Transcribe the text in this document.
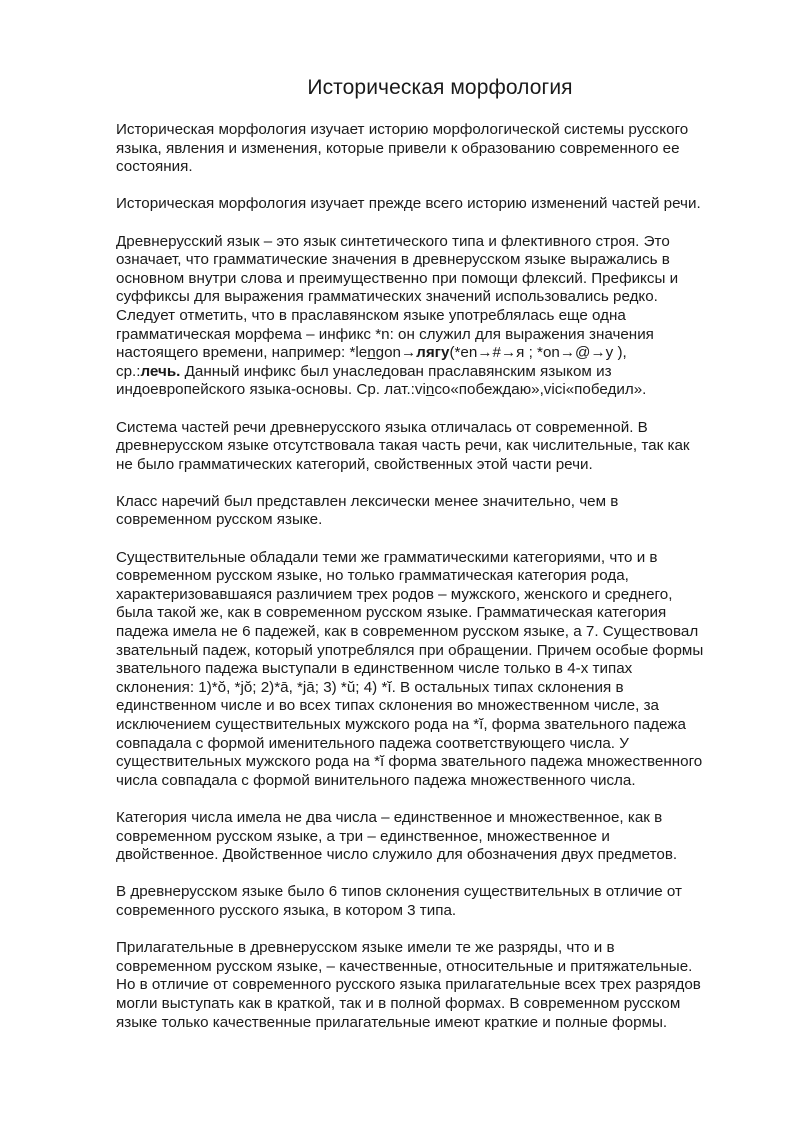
Историческая морфология

Историческая морфология изучает историю морфологической системы русского
языка, явления и изменения, которые привели к образованию современного ее
состояния.

Историческая морфология изучает прежде всего историю изменений частей речи.

Древнерусский язык – это язык синтетического типа и флективного строя. Это
означает, что грамматические значения в древнерусском языке выражались в
основном внутри слова и преимущественно при помощи флексий. Префиксы и
суффиксы для выражения грамматических значений использовались редко.
Следует отметить, что в праславянском языке употреблялась еще одна
грамматическая морфема – инфикс *n: он служил для выражения значения
настоящего времени, например: *lengon→лягу(*en→#→я ; *on→@→у ),
ср.:лечь. Данный инфикс был унаследован праславянским языком из
индоевропейского языка-основы. Ср. лат.:vinco«побеждаю»,vici«победил».

Система частей речи древнерусского языка отличалась от современной. В
древнерусском языке отсутствовала такая часть речи, как числительные, так как
не было грамматических категорий, свойственных этой части речи.

Класс наречий был представлен лексически менее значительно, чем в
современном русском языке.

Существительные обладали теми же грамматическими категориями, что и в
современном русском языке, но только грамматическая категория рода,
характеризовавшаяся различием трех родов – мужского, женского и среднего,
была такой же, как в современном русском языке. Грамматическая категория
падежа имела не 6 падежей, как в современном русском языке, а 7. Существовал
звательный падеж, который употреблялся при обращении. Причем особые формы
звательного падежа выступали в единственном числе только в 4-х типах
склонения: 1)*ŏ, *jŏ; 2)*ā, *jā; 3) *ŭ; 4) *ĭ. В остальных типах склонения в
единственном числе и во всех типах склонения во множественном числе, за
исключением существительных мужского рода на *ĭ, форма звательного падежа
совпадала с формой именительного падежа соответствующего числа. У
существительных мужского рода на *ĭ форма звательного падежа множественного
числа совпадала с формой винительного падежа множественного числа.

Категория числа имела не два числа – единственное и множественное, как в
современном русском языке, а три – единственное, множественное и
двойственное. Двойственное число служило для обозначения двух предметов.

В древнерусском языке было 6 типов склонения существительных в отличие от
современного русского языка, в котором 3 типа.

Прилагательные в древнерусском языке имели те же разряды, что и в
современном русском языке, – качественные, относительные и притяжательные.
Но в отличие от современного русского языка прилагательные всех трех разрядов
могли выступать как в краткой, так и в полной формах. В современном русском
языке только качественные прилагательные имеют краткие и полные формы.
